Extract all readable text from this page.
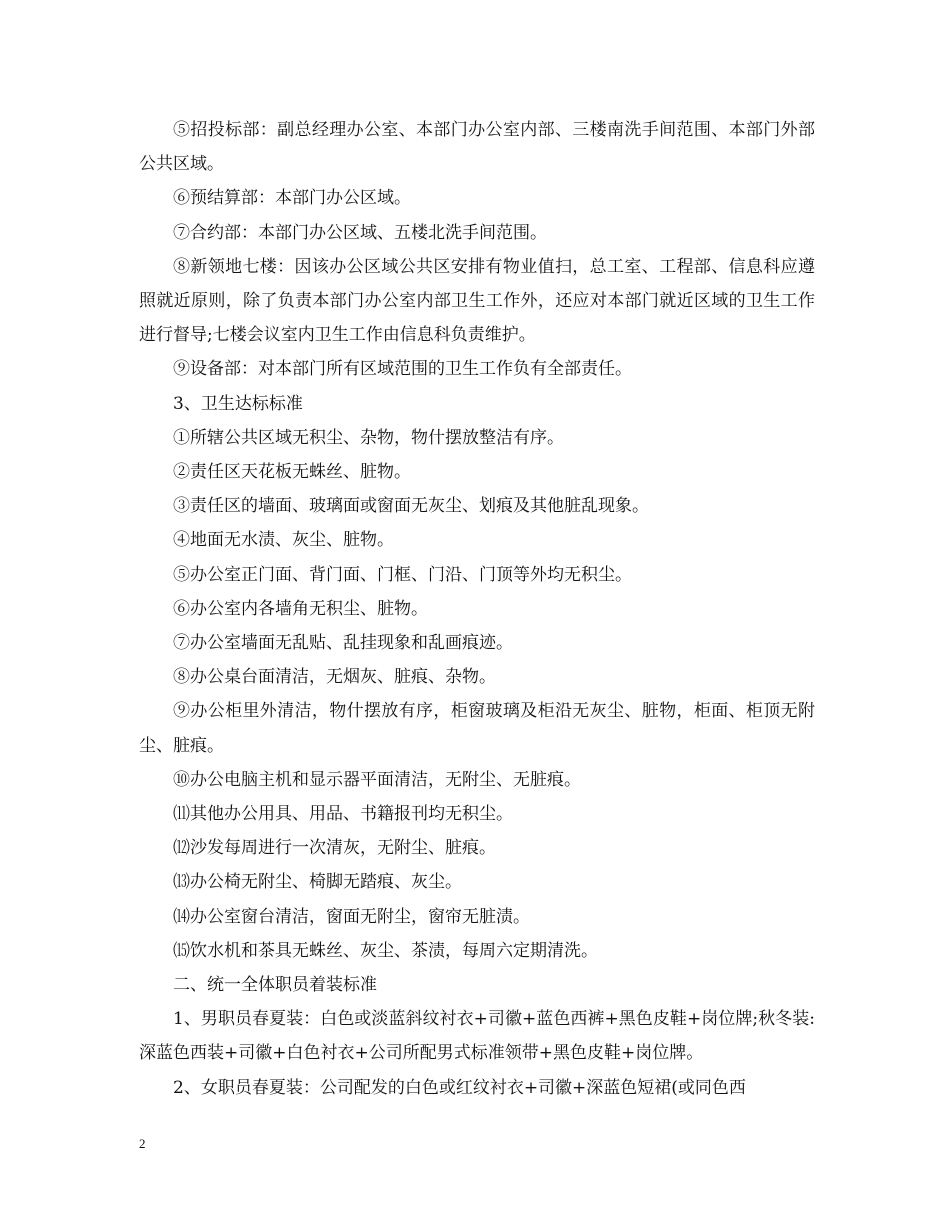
⑤招投标部：副总经理办公室、本部门办公室内部、三楼南洗手间范围、本部门外部公共区域。

⑥预结算部：本部门办公区域。

⑦合约部：本部门办公区域、五楼北洗手间范围。

⑧新领地七楼：因该办公区域公共区安排有物业值扫，总工室、工程部、信息科应遵照就近原则，除了负责本部门办公室内部卫生工作外，还应对本部门就近区域的卫生工作进行督导;七楼会议室内卫生工作由信息科负责维护。

⑨设备部：对本部门所有区域范围的卫生工作负有全部责任。

3、卫生达标标准

①所辖公共区域无积尘、杂物，物什摆放整洁有序。

②责任区天花板无蛛丝、脏物。

③责任区的墙面、玻璃面或窗面无灰尘、划痕及其他脏乱现象。

④地面无水渍、灰尘、脏物。

⑤办公室正门面、背门面、门框、门沿、门顶等外均无积尘。

⑥办公室内各墙角无积尘、脏物。

⑦办公室墙面无乱贴、乱挂现象和乱画痕迹。

⑧办公桌台面清洁，无烟灰、脏痕、杂物。

⑨办公柜里外清洁，物什摆放有序，柜窗玻璃及柜沿无灰尘、脏物，柜面、柜顶无附尘、脏痕。

⑩办公电脑主机和显示器平面清洁，无附尘、无脏痕。

⑾其他办公用具、用品、书籍报刊均无积尘。

⑿沙发每周进行一次清灰，无附尘、脏痕。

⒀办公椅无附尘、椅脚无踏痕、灰尘。

⒁办公室窗台清洁，窗面无附尘，窗帘无脏渍。

⒂饮水机和茶具无蛛丝、灰尘、茶渍，每周六定期清洗。

二、统一全体职员着装标准

1、男职员春夏装：白色或淡蓝斜纹衬衣+司徽+蓝色西裤+黑色皮鞋+岗位牌;秋冬装:深蓝色西装+司徽+白色衬衣+公司所配男式标准领带+黑色皮鞋+岗位牌。

2、女职员春夏装：公司配发的白色或红纹衬衣+司徽+深蓝色短裙(或同色西

2
